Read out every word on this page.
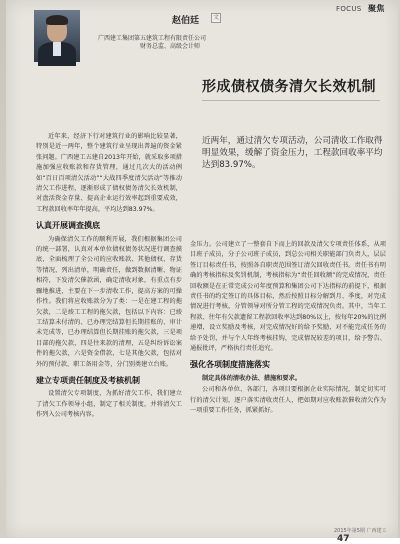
FOCUS 聚焦
赵伯廷	文
广西建工集团第五建筑工程有限责任公司
财务总监、高级会计师
形成债权债务清欠长效机制
近两年，通过清欠专项活动，公司清收工作取得明显效果，缓解了资金压力，工程款回收率平均达到83.97%。

近年来，经济下行对建筑行业的影响比较显著，特别是近一两年，整个建筑行业呈现出普遍的资金紧张问题。广西建工五建自2013年开始，就采取多项措施加强应收账款和存货管理，通过几次大的活动例如“百日百项清欠活动”“大战四季度清欠活动”等推动清欠工作进程，逐渐形成了债权债务清欠长效机制，对盘活资金存量、提高企业运行效率起到重要成效，工程款回收率年年提高，平均达到83.97%。

认真开展调查摸底

为确保清欠工作的顺利开展，我们根据集团公司的统一部署，认真对本单位债权债务状况进行调查摸底，全面梳理了全公司的应收账款、其他债权、存货等情况，列出清单，明确责任，做到数据清晰、物证相符，下发清欠催款函，确定清收对象，有重点有步骤地推进，主要在下一步清收工作，提高方案的可操作性。我们将应收账款分为了类：一是在建工程的拖欠款，二是竣工工程的拖欠款，包括以下内容：已竣工结算未付清的、已办理完结算但长期挂账的、审计未完成等，已办理结算但长期挂账的拖欠款，三是项目部的拖欠款，四是往来款的清理，五是纠纷诉讼案件的拖欠款，六是资金借款，七是其他欠款，包括对外的预付款、职工备用金等，分门别类建立台账。

建立专项责任制度及考核机制

设置清欠专项制度，为抓好清欠工作，我们建立了清欠工作领导小组，制定了相关制度，并将清欠工作列入公司考核内容。

金压力。公司建立了一整套自下而上的回款及清欠专项责任体系，从项目班子成员，分子公司班子成员，到总公司相关职能部门负责人，层层签订目标责任书，按照各自职责范围签订清欠回收责任书。责任书有明确的考核指标及奖罚机制，考核指标为“责任回收额”的完成情况，责任回收额是在正常完成公司年度预算和集团公司下达指标的前提下，根据责任书的约定签订的具体目标，然后按照目标分解到月、季度，对完成情况进行考核，分管领导对所分管工程的完成情况负责。其中，当年工程款、往年有欠款遗留工程款回收率达到80%以上，按每年20%的比例递增，设立奖励及考核，对完成情况好的给予奖励，对不能完成任务的给予处罚，并与个人年终考核挂钩，完成情况较差的项目，给予警告、通报批评，严格执行责任追究。

强化各项制度措施落实

制定具体的清收办法、措施和要求。

公司和各单位、各部门，各项目要根据企业实际情况，制定切实可行的清欠计划，逐户落实清收责任人，把如期对应收账款催收清欠作为一项重要工作任务，抓紧抓好。

2015年第5期 广西建工 47
